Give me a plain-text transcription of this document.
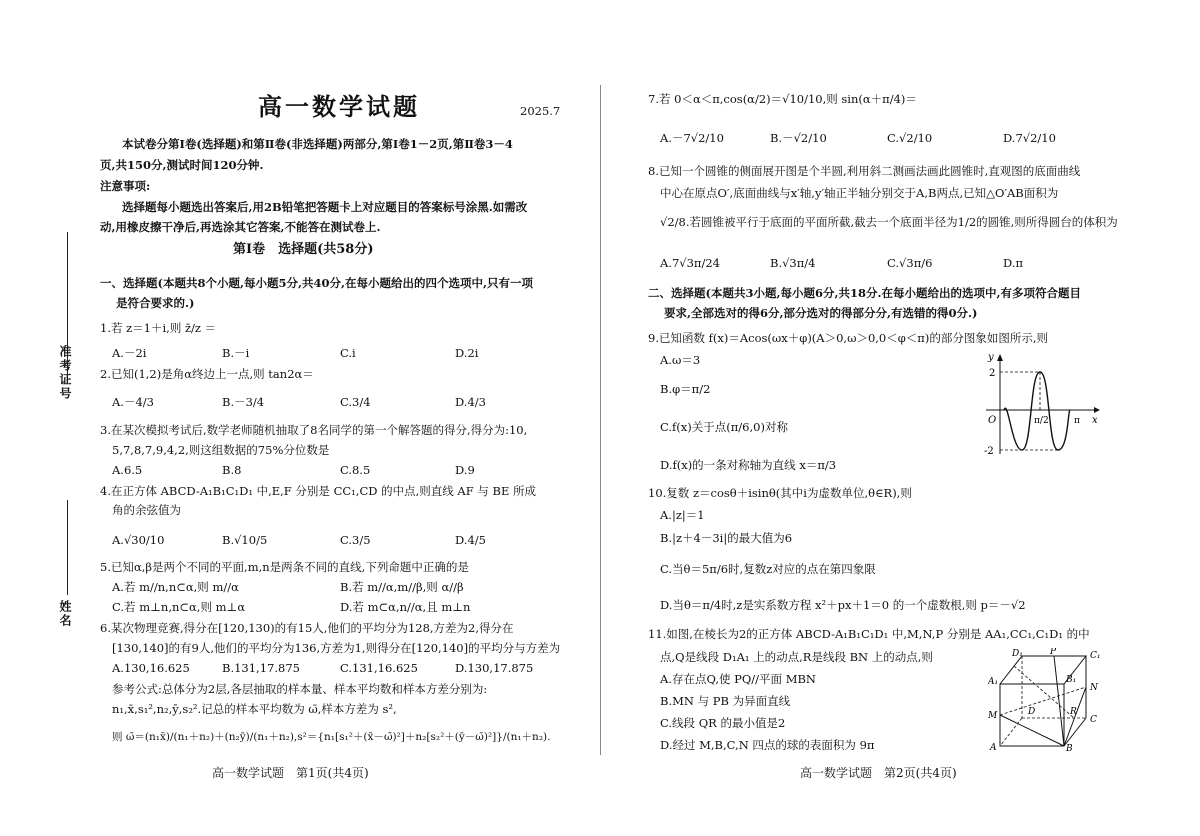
准考证号
姓名
高一数学试题	2025.7
本试卷分第Ⅰ卷(选择题)和第Ⅱ卷(非选择题)两部分,第Ⅰ卷1－2页,第Ⅱ卷3－4
页,共150分,测试时间120分钟.
注意事项:
选择题每小题选出答案后,用2B铅笔把答题卡上对应题目的答案标号涂黑.如需改
动,用橡皮擦干净后,再选涂其它答案,不能答在测试卷上.
第Ⅰ卷　选择题(共58分)
一、选择题(本题共8个小题,每小题5分,共40分,在每小题给出的四个选项中,只有一项
是符合要求的.)
1.若 z＝1＋i,则 z̄/z ＝
A.－2i	B.－i	C.i	D.2i
2.已知(1,2)是角α终边上一点,则 tan2α＝
A.－4/3	B.－3/4	C.3/4	D.4/3
3.在某次模拟考试后,数学老师随机抽取了8名同学的第一个解答题的得分,得分为:10,
5,7,8,7,9,4,2,则这组数据的75%分位数是
A.6.5	B.8	C.8.5	D.9
4.在正方体 ABCD-A₁B₁C₁D₁ 中,E,F 分别是 CC₁,CD 的中点,则直线 AF 与 BE 所成
角的余弦值为
A.√30/10	B.√10/5	C.3/5	D.4/5
5.已知α,β是两个不同的平面,m,n是两条不同的直线,下列命题中正确的是
A.若 m//n,n⊂α,则 m//α	B.若 m//α,m//β,则 α//β
C.若 m⊥n,n⊂α,则 m⊥α	D.若 m⊂α,n//α,且 m⊥n
6.某次物理竞赛,得分在[120,130)的有15人,他们的平均分为128,方差为2,得分在
[130,140]的有9人,他们的平均分为136,方差为1,则得分在[120,140]的平均分与方差为
A.130,16.625	B.131,17.875	C.131,16.625	D.130,17.875
参考公式:总体分为2层,各层抽取的样本量、样本平均数和样本方差分别为:
n₁,x̄,s₁²,n₂,ȳ,s₂².记总的样本平均数为 ω̄,样本方差为 s²,
则 ω̄＝(n₁x̄)/(n₁＋n₂)＋(n₂ȳ)/(n₁＋n₂),s²＝{n₁[s₁²＋(x̄－ω̄)²]＋n₂[s₂²＋(ȳ－ω̄)²]}/(n₁＋n₂).
高一数学试题　第1页(共4页)
7.若 0＜α＜π,cos(α/2)＝√10/10,则 sin(α＋π/4)＝
A.－7√2/10	B.－√2/10	C.√2/10	D.7√2/10
8.已知一个圆锥的侧面展开图是个半圆,利用斜二测画法画此圆锥时,直观图的底面曲线
中心在原点O′,底面曲线与x′轴,y′轴正半轴分别交于A,B两点,已知△O′AB面积为
√2/8.若圆锥被平行于底面的平面所截,截去一个底面半径为1/2的圆锥,则所得圆台的体积为
A.7√3π/24	B.√3π/4	C.√3π/6	D.π
二、选择题(本题共3小题,每小题6分,共18分.在每小题给出的选项中,有多项符合题目
要求,全部选对的得6分,部分选对的得部分分,有选错的得0分.)
9.已知函数 f(x)＝Acos(ωx＋φ)(A＞0,ω＞0,0＜φ＜π)的部分图象如图所示,则
A.ω＝3
B.φ＝π/2
C.f(x)关于点(π/6,0)对称
D.f(x)的一条对称轴为直线 x＝π/3
y
2
-2
O	π/2	π x
10.复数 z＝cosθ＋isinθ(其中i为虚数单位,θ∈R),则
A.|z|＝1
B.|z＋4－3i|的最大值为6
C.当θ＝5π/6时,复数z对应的点在第四象限
D.当θ＝π/4时,z是实系数方程 x²＋px＋1＝0 的一个虚数根,则 p＝－√2
11.如图,在棱长为2的正方体 ABCD-A₁B₁C₁D₁ 中,M,N,P 分别是 AA₁,CC₁,C₁D₁ 的中
点,Q是线段 D₁A₁ 上的动点,R是线段 BN 上的动点,则
A.存在点Q,使 PQ//平面 MBN
B.MN 与 PB 为异面直线
C.线段 QR 的最小值是2
D.经过 M,B,C,N 四点的球的表面积为 9π
D₁	P	C₁
A₁	B₁
N
R
M	D
C
A	B
高一数学试题　第2页(共4页)
